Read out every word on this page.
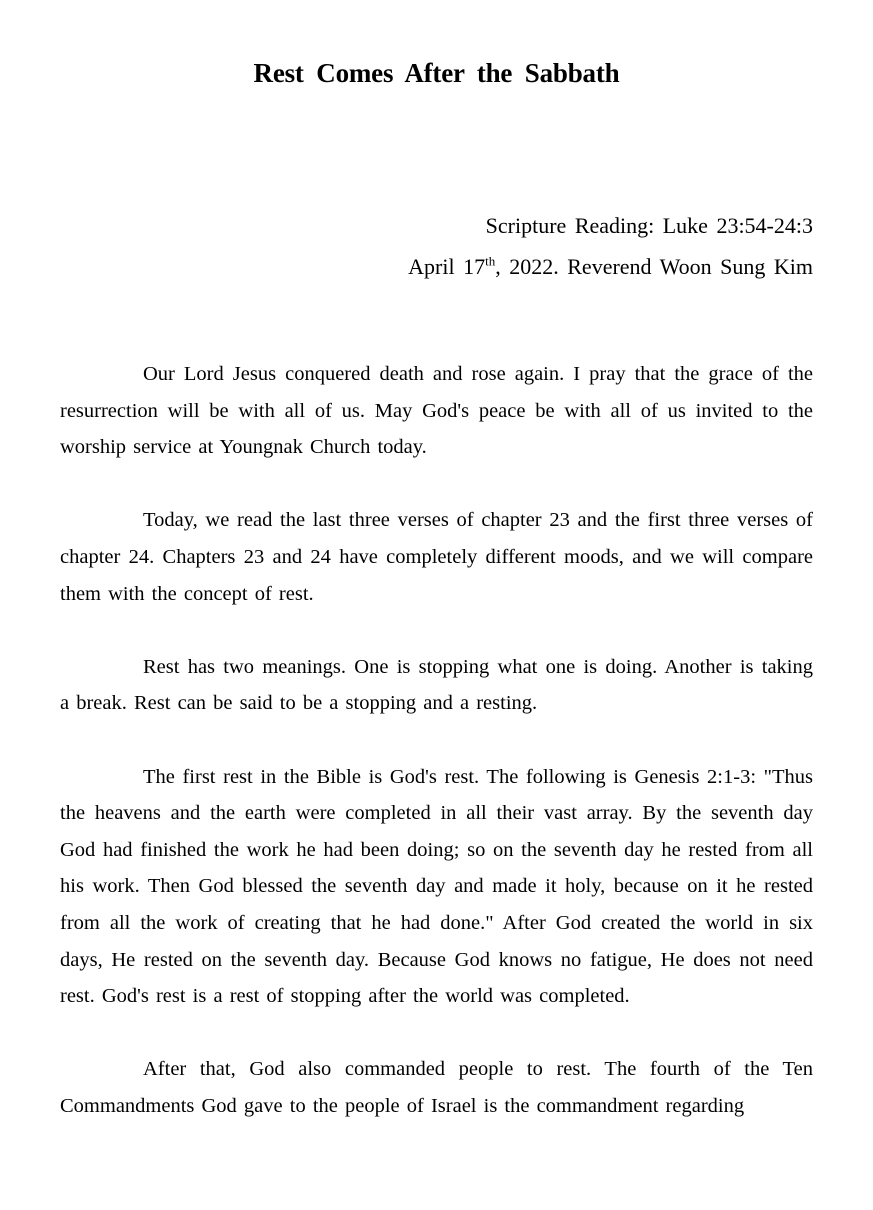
Rest Comes After the Sabbath
Scripture Reading: Luke 23:54-24:3
April 17th, 2022. Reverend Woon Sung Kim

Our Lord Jesus conquered death and rose again. I pray that the grace of the resurrection will be with all of us. May God's peace be with all of us invited to the worship service at Youngnak Church today.

Today, we read the last three verses of chapter 23 and the first three verses of chapter 24. Chapters 23 and 24 have completely different moods, and we will compare them with the concept of rest.

Rest has two meanings. One is stopping what one is doing. Another is taking a break. Rest can be said to be a stopping and a resting.

The first rest in the Bible is God's rest. The following is Genesis 2:1-3: "Thus the heavens and the earth were completed in all their vast array. By the seventh day God had finished the work he had been doing; so on the seventh day he rested from all his work. Then God blessed the seventh day and made it holy, because on it he rested from all the work of creating that he had done." After God created the world in six days, He rested on the seventh day. Because God knows no fatigue, He does not need rest. God's rest is a rest of stopping after the world was completed.

After that, God also commanded people to rest. The fourth of the Ten Commandments God gave to the people of Israel is the commandment regarding
